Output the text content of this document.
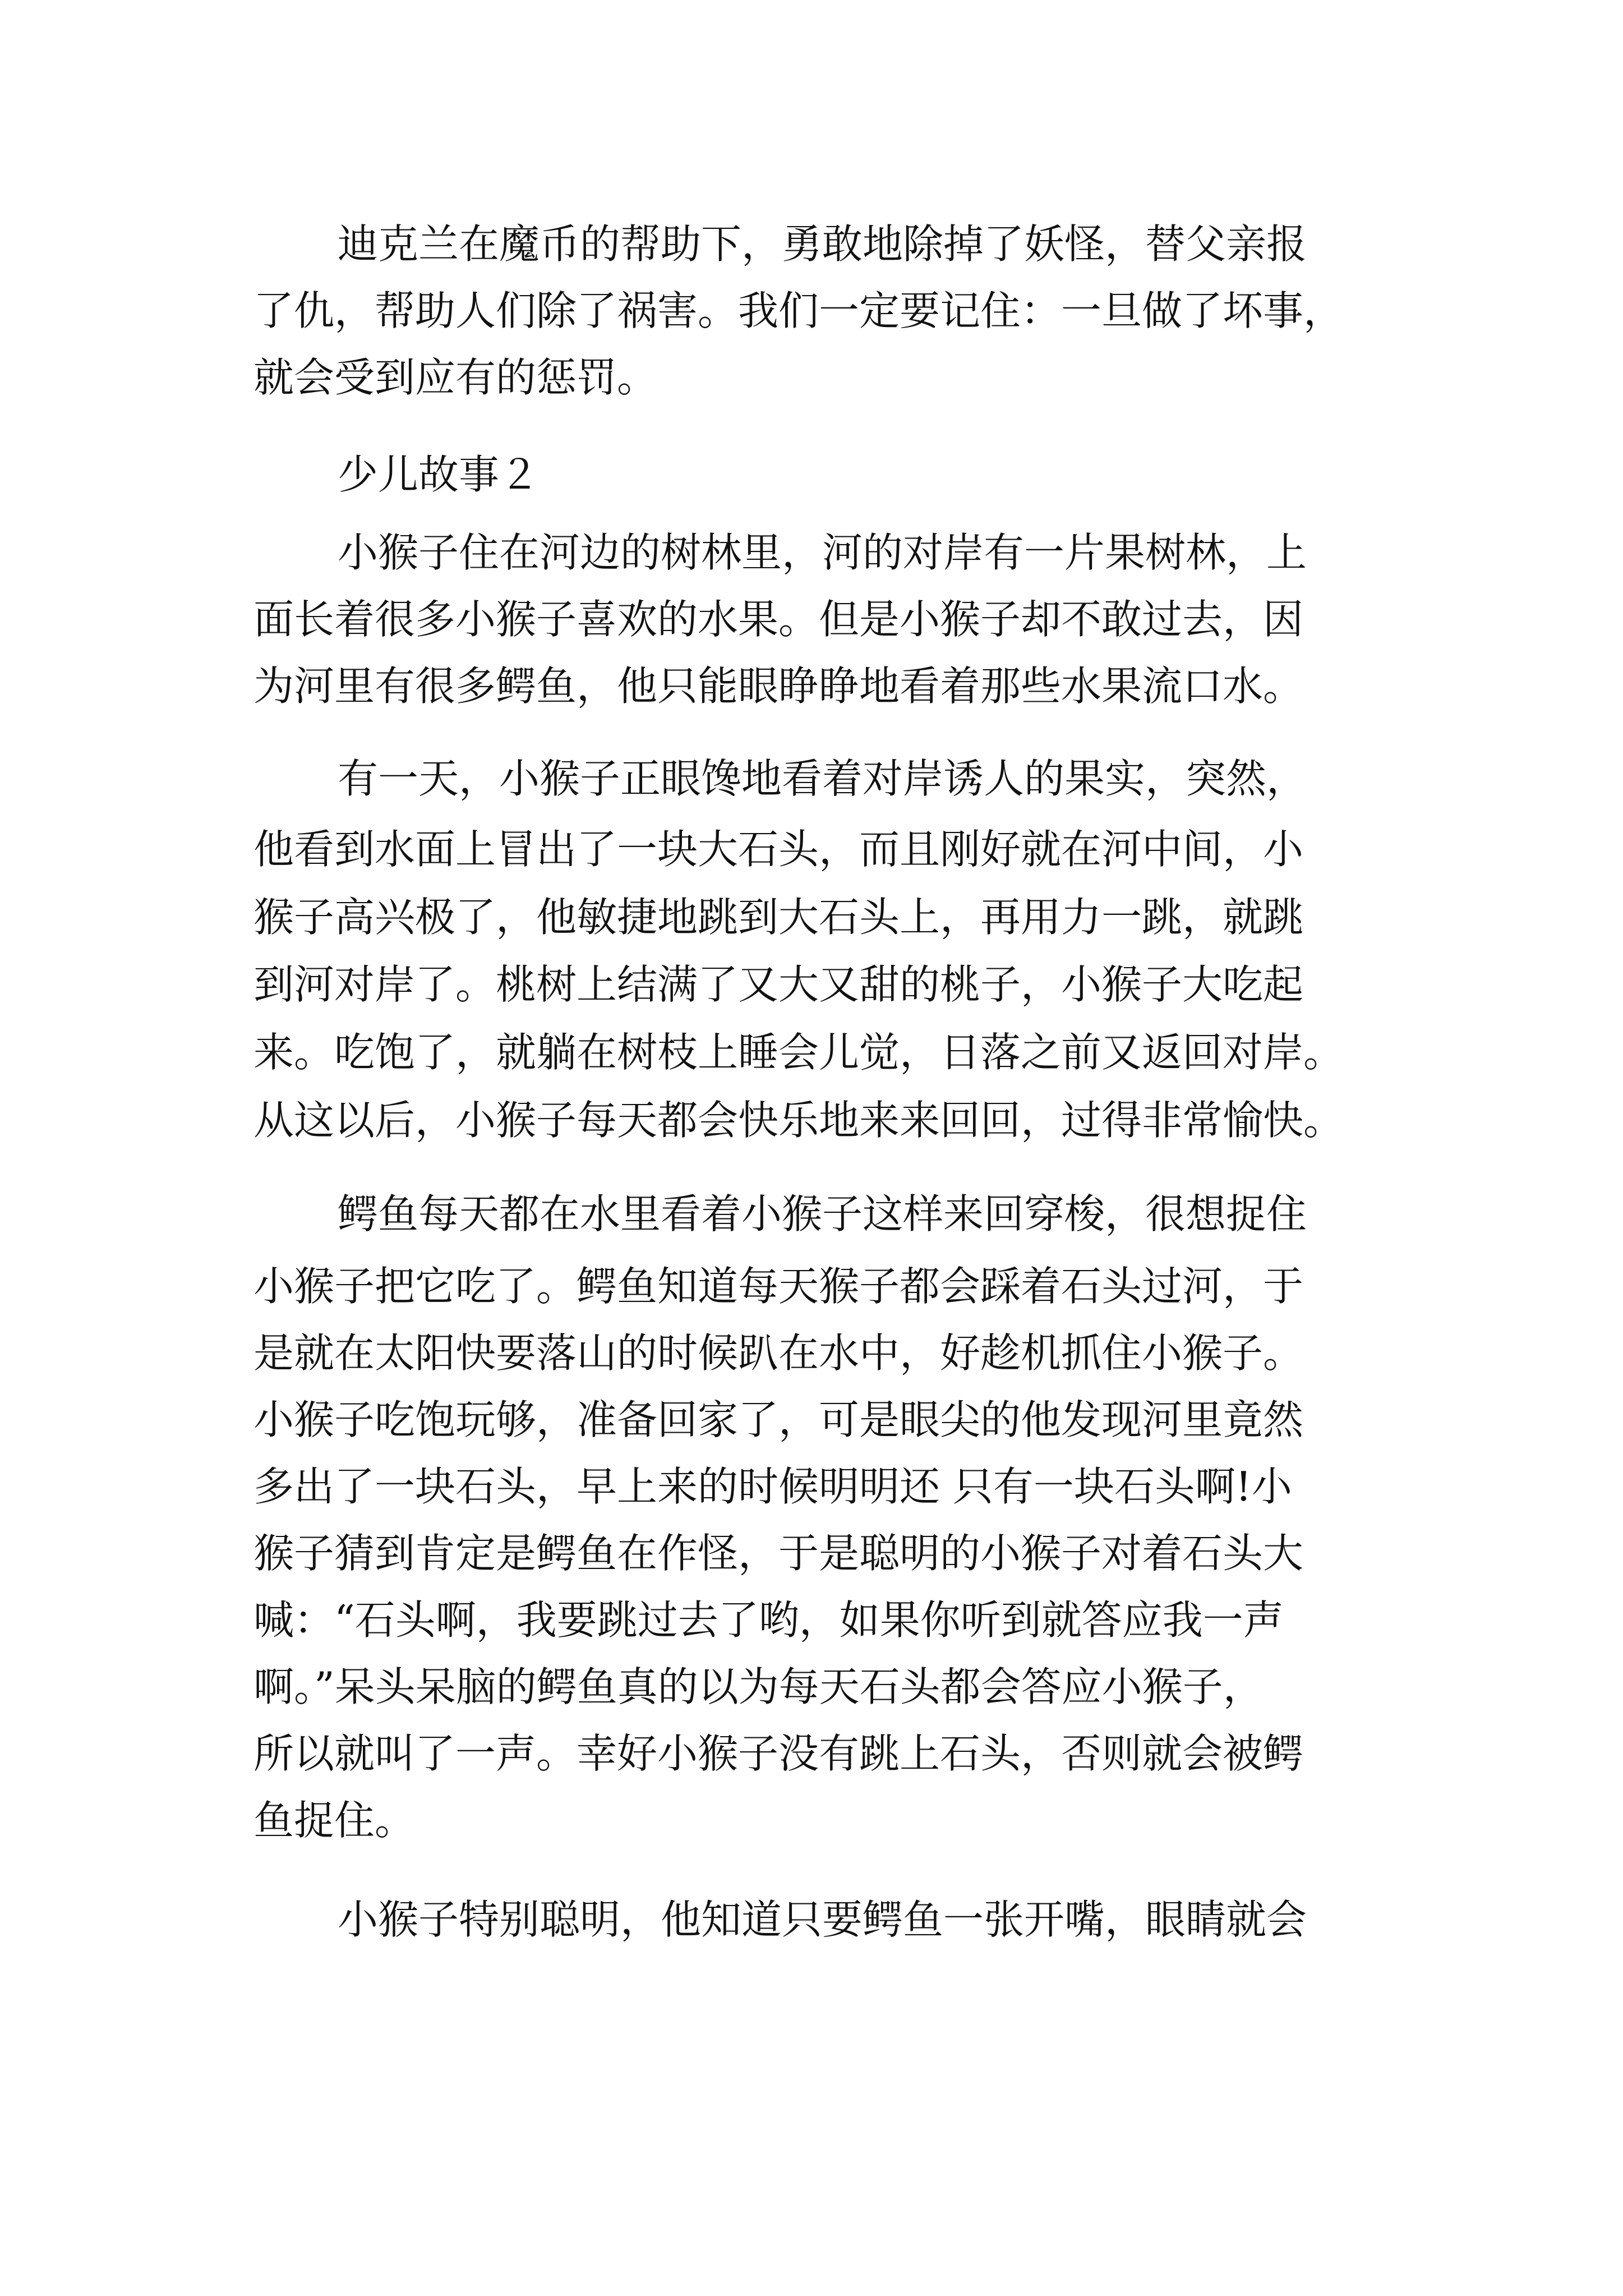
迪克兰在魔币的帮助下，勇敢地除掉了妖怪，替父亲报
了仇，帮助人们除了祸害。我们一定要记住：一旦做了坏事，
就会受到应有的惩罚。
少儿故事２
小猴子住在河边的树林里，河的对岸有一片果树林，上
面长着很多小猴子喜欢的水果。但是小猴子却不敢过去，因
为河里有很多鳄鱼，他只能眼睁睁地看着那些水果流口水。
有一天，小猴子正眼馋地看着对岸诱人的果实，突然，
他看到水面上冒出了一块大石头，而且刚好就在河中间，小
猴子高兴极了，他敏捷地跳到大石头上，再用力一跳，就跳
到河对岸了。桃树上结满了又大又甜的桃子，小猴子大吃起
来。吃饱了，就躺在树枝上睡会儿觉，日落之前又返回对岸。
从这以后，小猴子每天都会快乐地来来回回，过得非常愉快。
鳄鱼每天都在水里看着小猴子这样来回穿梭，很想捉住
小猴子把它吃了。鳄鱼知道每天猴子都会踩着石头过河，于
是就在太阳快要落山的时候趴在水中，好趁机抓住小猴子。
小猴子吃饱玩够，准备回家了，可是眼尖的他发现河里竟然
多出了一块石头，早上来的时候明明还 只有一块石头啊!小
猴子猜到肯定是鳄鱼在作怪，于是聪明的小猴子对着石头大
喊：“石头啊，我要跳过去了哟，如果你听到就答应我一声
啊。”呆头呆脑的鳄鱼真的以为每天石头都会答应小猴子，
所以就叫了一声。幸好小猴子没有跳上石头，否则就会被鳄
鱼捉住。
小猴子特别聪明，他知道只要鳄鱼一张开嘴，眼睛就会
